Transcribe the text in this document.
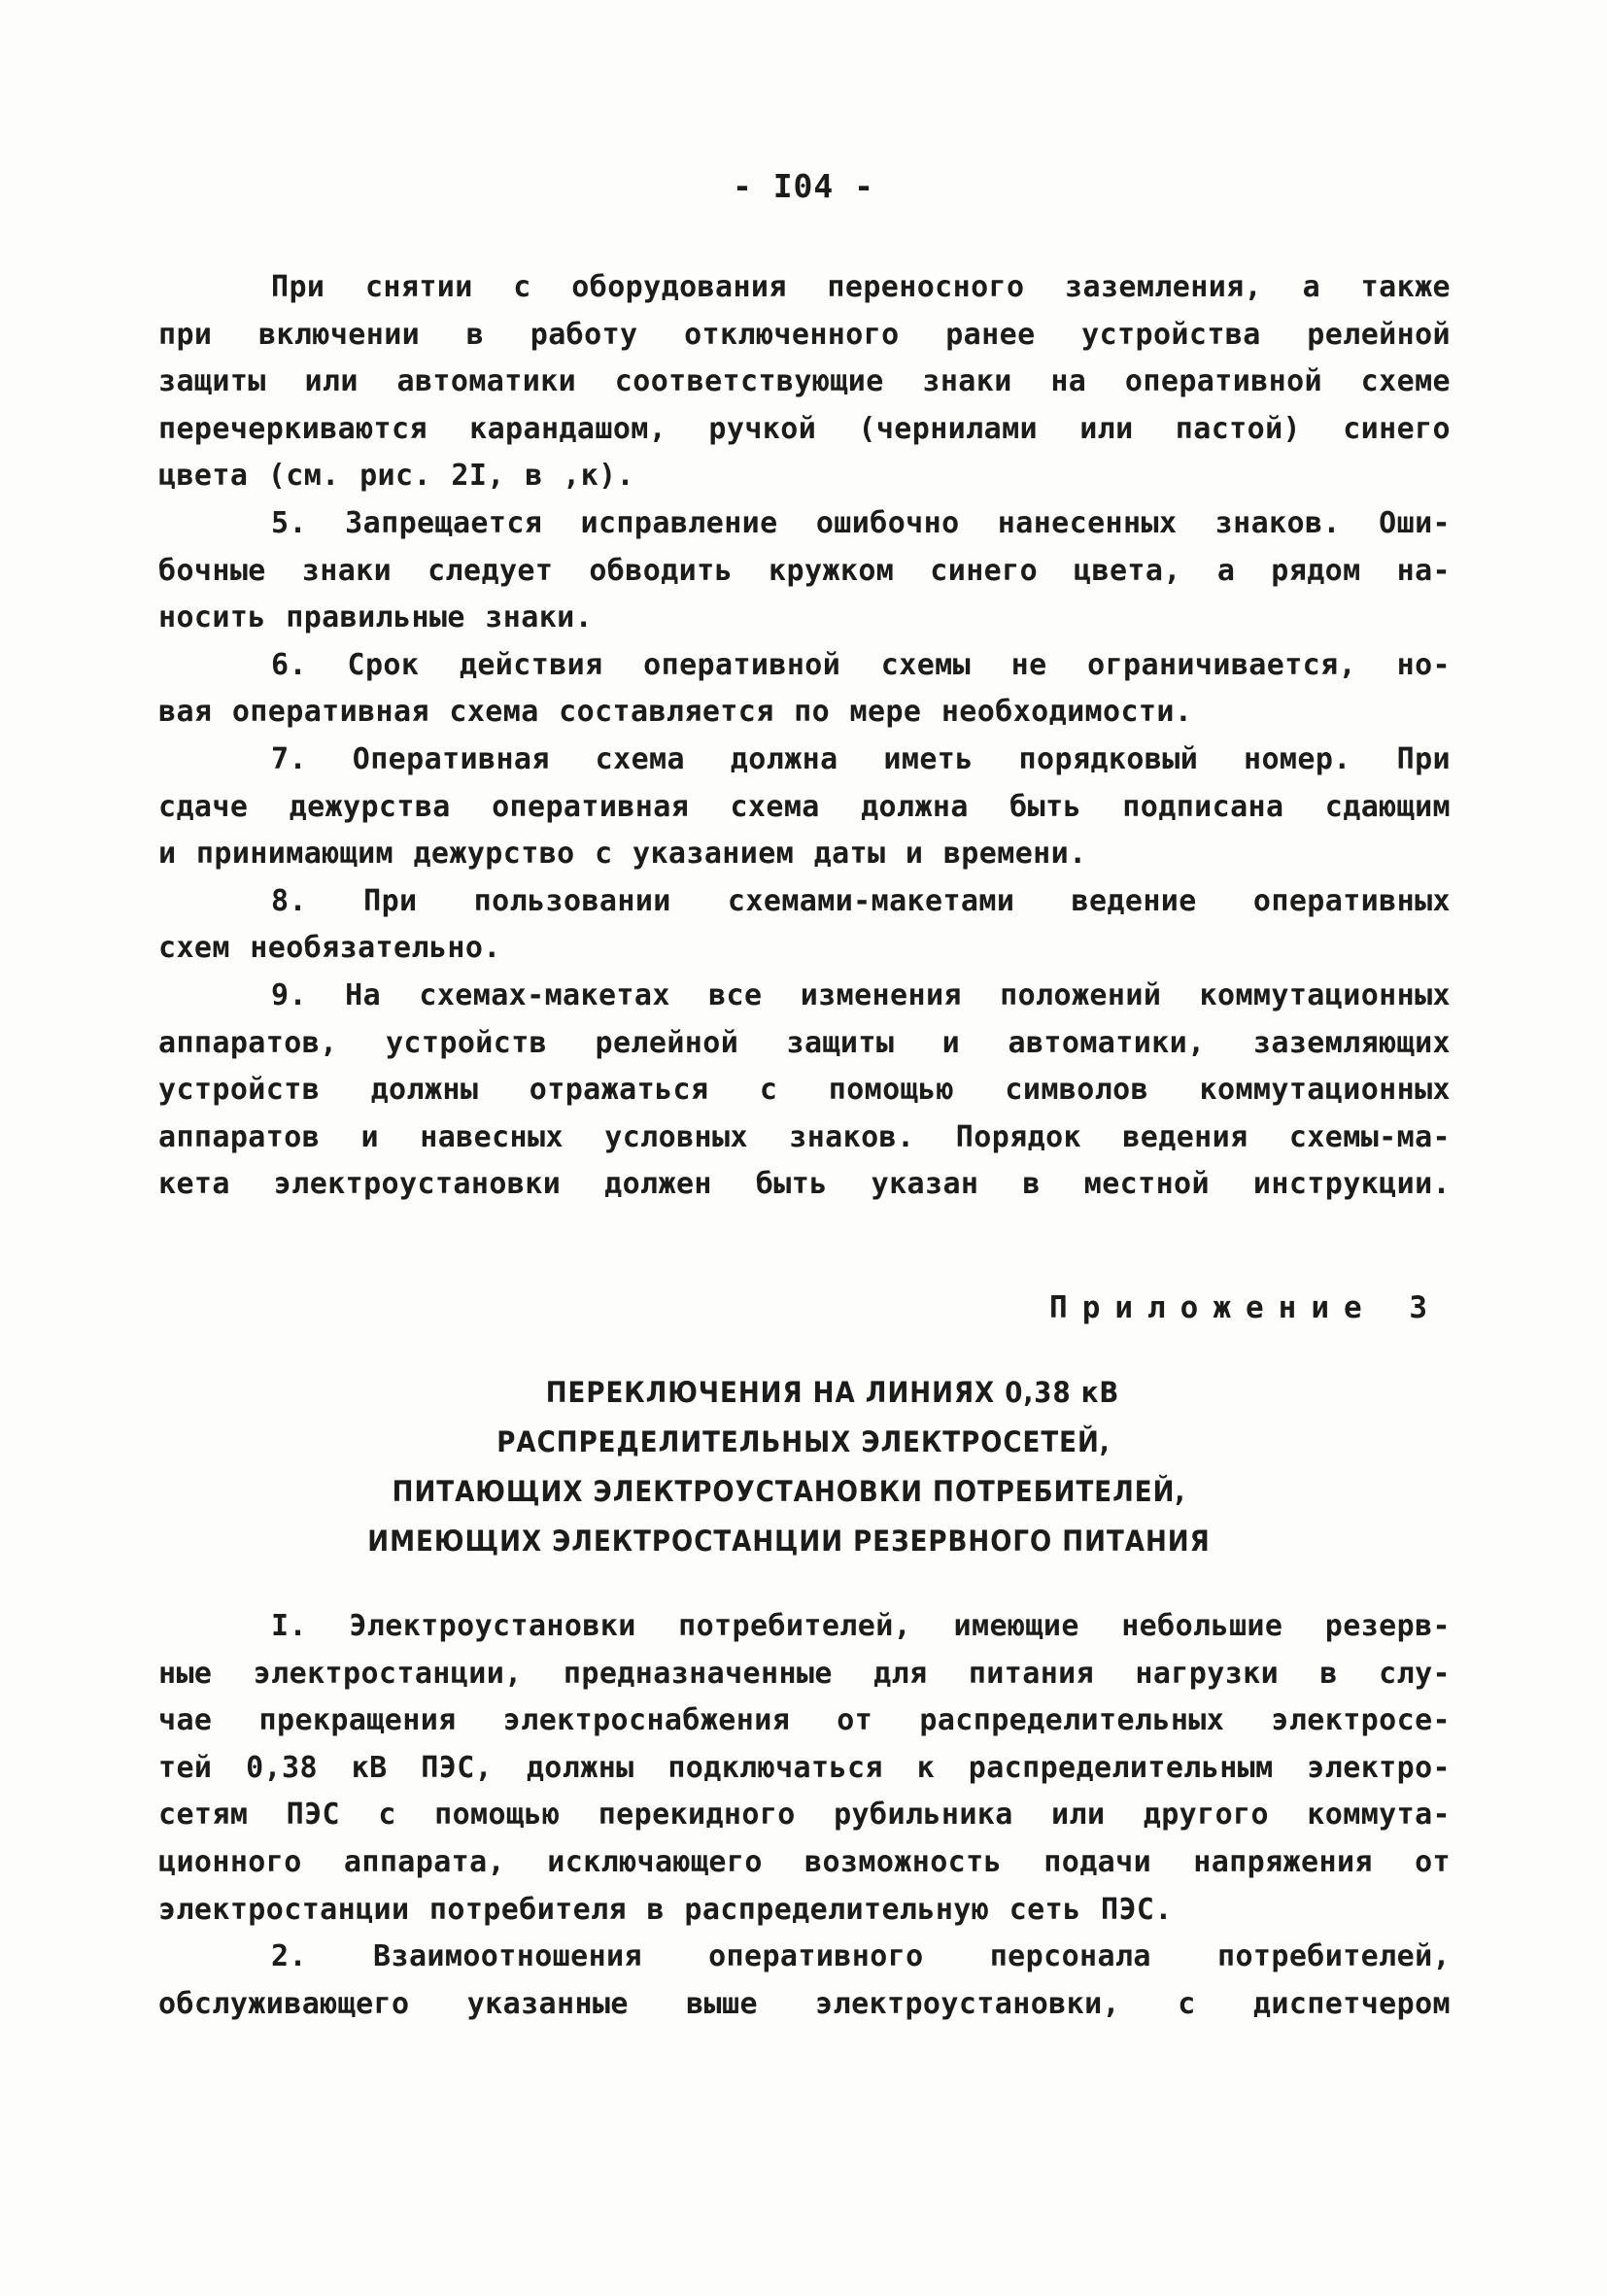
- I04 -
При снятии с оборудования переносного заземления, а также
при включении в работу отключенного ранее устройства релейной
защиты или автоматики соответствующие знаки на оперативной схеме
перечеркиваются карандашом, ручкой (чернилами или пастой) синего
цвета (см. рис. 2I, в ,к).
5. Запрещается исправление ошибочно нанесенных знаков. Оши-
бочные знаки следует обводить кружком синего цвета, а рядом на-
носить правильные знаки.
6. Срок действия оперативной схемы не ограничивается, но-
вая оперативная схема составляется по мере необходимости.
7. Оперативная схема должна иметь порядковый номер. При
сдаче дежурства оперативная схема должна быть подписана сдающим
и принимающим дежурство с указанием даты и времени.
8. При пользовании схемами-макетами ведение оперативных
схем необязательно.
9. На схемах-макетах все изменения положений коммутационных
аппаратов, устройств релейной защиты и автоматики, заземляющих
устройств должны отражаться с помощью символов коммутационных
аппаратов и навесных условных знаков. Порядок ведения схемы-ма-
кета электроустановки должен быть указан в местной инструкции.
Приложение 3
ПЕРЕКЛЮЧЕНИЯ НА ЛИНИЯХ 0,38 кВ
РАСПРЕДЕЛИТЕЛЬНЫХ ЭЛЕКТРОСЕТЕЙ,
ПИТАЮЩИХ ЭЛЕКТРОУСТАНОВКИ ПОТРЕБИТЕЛЕЙ,
ИМЕЮЩИХ ЭЛЕКТРОСТАНЦИИ РЕЗЕРВНОГО ПИТАНИЯ
I. Электроустановки потребителей, имеющие небольшие резерв-
ные электростанции, предназначенные для питания нагрузки в слу-
чае прекращения электроснабжения от распределительных электросе-
тей 0,38 кВ ПЭС, должны подключаться к распределительным электро-
сетям ПЭС с помощью перекидного рубильника или другого коммута-
ционного аппарата, исключающего возможность подачи напряжения от
электростанции потребителя в распределительную сеть ПЭС.
2. Взаимоотношения оперативного персонала потребителей,
обслуживающего указанные выше электроустановки, с диспетчером
